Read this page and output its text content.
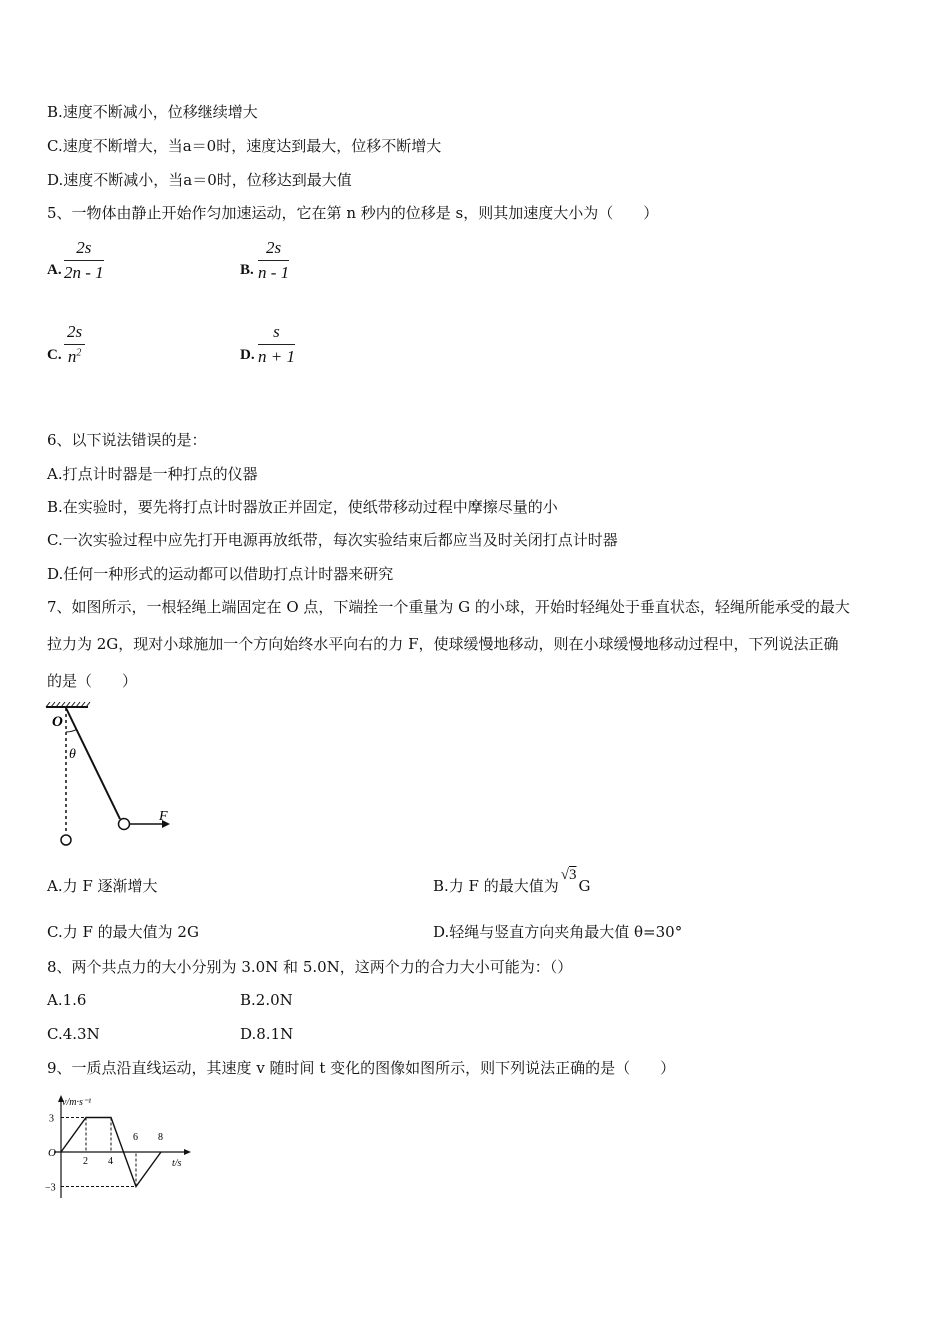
B.速度不断减小，位移继续增大
C.速度不断增大，当a＝0时，速度达到最大，位移不断增大
D.速度不断减小，当a＝0时，位移达到最大值
5、一物体由静止开始作匀加速运动，它在第 n 秒内的位移是 s，则其加速度大小为（　　）
A. $\frac{2s}{2n - 1}$	B. $\frac{2s}{n - 1}$
C. $\frac{2s}{n^2}$	D. $\frac{s}{n + 1}$
6、以下说法错误的是：
A.打点计时器是一种打点的仪器
B.在实验时，要先将打点计时器放正并固定，使纸带移动过程中摩擦尽量的小
C.一次实验过程中应先打开电源再放纸带，每次实验结束后都应当及时关闭打点计时器
D.任何一种形式的运动都可以借助打点计时器来研究
7、如图所示，一根轻绳上端固定在 O 点，下端拴一个重量为 G 的小球，开始时轻绳处于垂直状态，轻绳所能承受的最大
拉力为 2G，现对小球施加一个方向始终水平向右的力 F，使球缓慢地移动，则在小球缓慢地移动过程中，下列说法正确
的是（　　）
O
θ
F
A.力 F 逐渐增大	B.力 F 的最大值为√3G
C.力 F 的最大值为 2G	D.轻绳与竖直方向夹角最大值 θ=30°
8、两个共点力的大小分别为 3.0N 和 5.0N，这两个力的合力大小可能为：（）
A.1.6	B.2.0N
C.4.3N	D.8.1N
9、一质点沿直线运动，其速度 v 随时间 t 变化的图像如图所示，则下列说法正确的是（　　）
v/m·s⁻¹
t/s
O
2 4
6 8
3
−3
